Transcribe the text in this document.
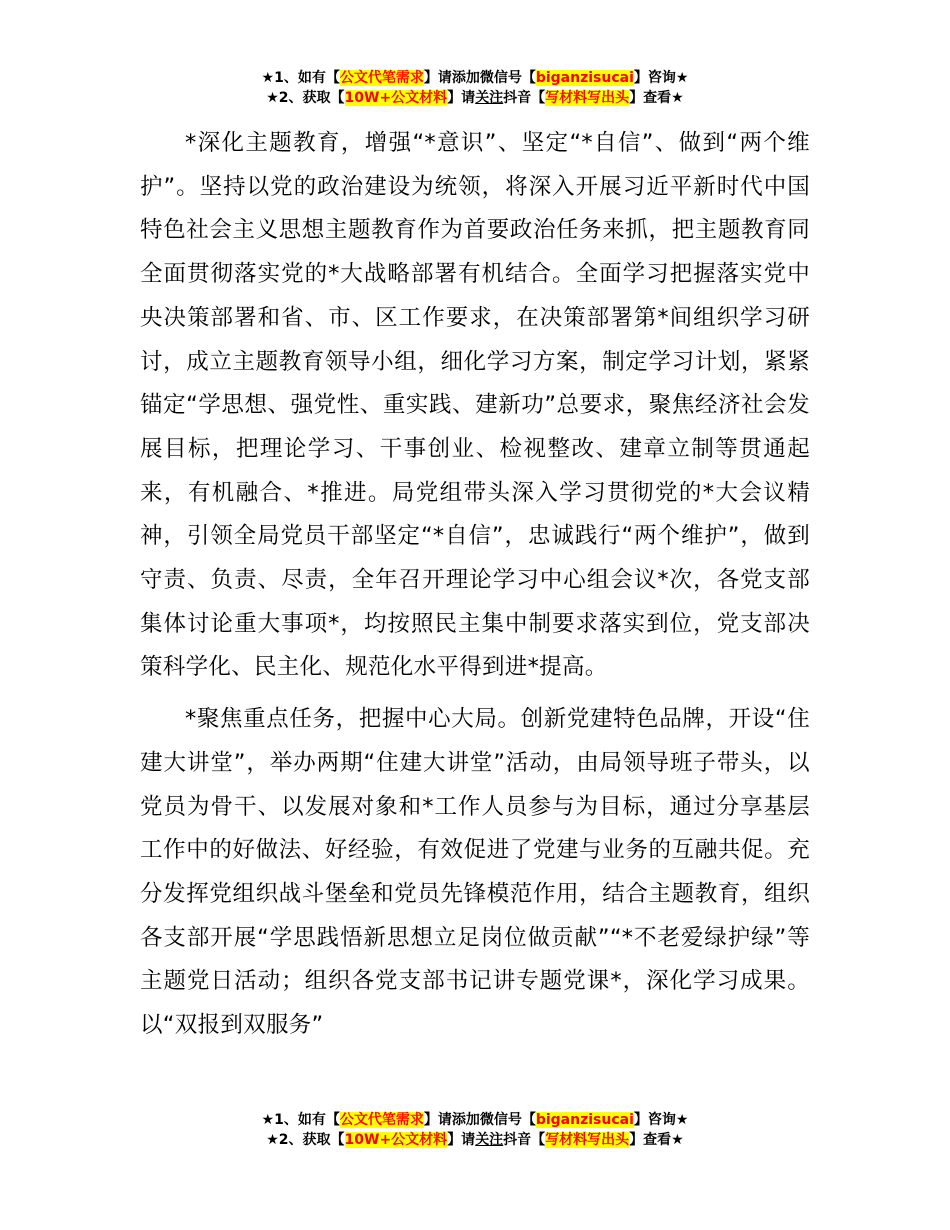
★1、如有【公文代笔需求】请添加微信号【biganzisucai】咨询★
★2、获取【10W+公文材料】请关注抖音【写材料写出头】查看★

*深化主题教育，增强“*意识”、坚定“*自信”、做到“两个维护”。坚持以党的政治建设为统领，将深入开展习近平新时代中国特色社会主义思想主题教育作为首要政治任务来抓，把主题教育同全面贯彻落实党的*大战略部署有机结合。全面学习把握落实党中央决策部署和省、市、区工作要求，在决策部署第*间组织学习研讨，成立主题教育领导小组，细化学习方案，制定学习计划，紧紧锚定“学思想、强党性、重实践、建新功”总要求，聚焦经济社会发展目标，把理论学习、干事创业、检视整改、建章立制等贯通起来，有机融合、*推进。局党组带头深入学习贯彻党的*大会议精神，引领全局党员干部坚定“*自信”，忠诚践行“两个维护”，做到守责、负责、尽责，全年召开理论学习中心组会议*次，各党支部集体讨论重大事项*，均按照民主集中制要求落实到位，党支部决策科学化、民主化、规范化水平得到进*提高。

*聚焦重点任务，把握中心大局。创新党建特色品牌，开设“住建大讲堂”，举办两期“住建大讲堂”活动，由局领导班子带头，以党员为骨干、以发展对象和*工作人员参与为目标，通过分享基层工作中的好做法、好经验，有效促进了党建与业务的互融共促。充分发挥党组织战斗堡垒和党员先锋模范作用，结合主题教育，组织各支部开展“学思践悟新思想立足岗位做贡献”“*不老爱绿护绿”等主题党日活动；组织各党支部书记讲专题党课*，深化学习成果。以“双报到双服务”

★1、如有【公文代笔需求】请添加微信号【biganzisucai】咨询★
★2、获取【10W+公文材料】请关注抖音【写材料写出头】查看★
